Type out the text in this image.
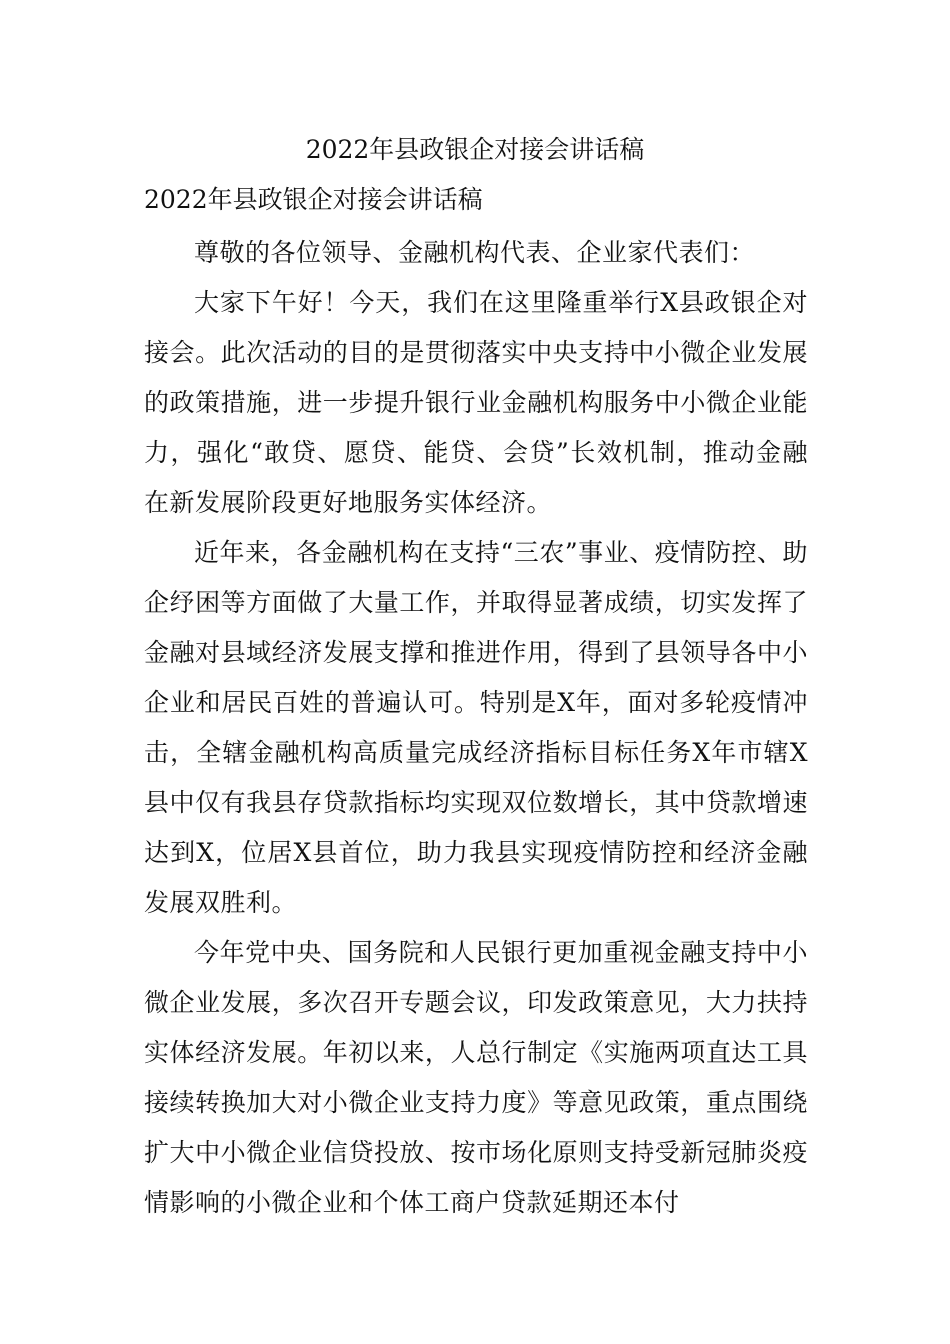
2022年县政银企对接会讲话稿
2022年县政银企对接会讲话稿

尊敬的各位领导、金融机构代表、企业家代表们：

大家下午好！今天，我们在这里隆重举行X县政银企对接会。此次活动的目的是贯彻落实中央支持中小微企业发展的政策措施，进一步提升银行业金融机构服务中小微企业能力，强化“敢贷、愿贷、能贷、会贷”长效机制，推动金融在新发展阶段更好地服务实体经济。

近年来，各金融机构在支持“三农”事业、疫情防控、助企纾困等方面做了大量工作，并取得显著成绩，切实发挥了金融对县域经济发展支撑和推进作用，得到了县领导各中小企业和居民百姓的普遍认可。特别是X年，面对多轮疫情冲击，全辖金融机构高质量完成经济指标目标任务X年市辖X县中仅有我县存贷款指标均实现双位数增长，其中贷款增速达到X，位居X县首位，助力我县实现疫情防控和经济金融发展双胜利。

今年党中央、国务院和人民银行更加重视金融支持中小微企业发展，多次召开专题会议，印发政策意见，大力扶持实体经济发展。年初以来，人总行制定《实施两项直达工具接续转换加大对小微企业支持力度》等意见政策，重点围绕扩大中小微企业信贷投放、按市场化原则支持受新冠肺炎疫情影响的小微企业和个体工商户贷款延期还本付
